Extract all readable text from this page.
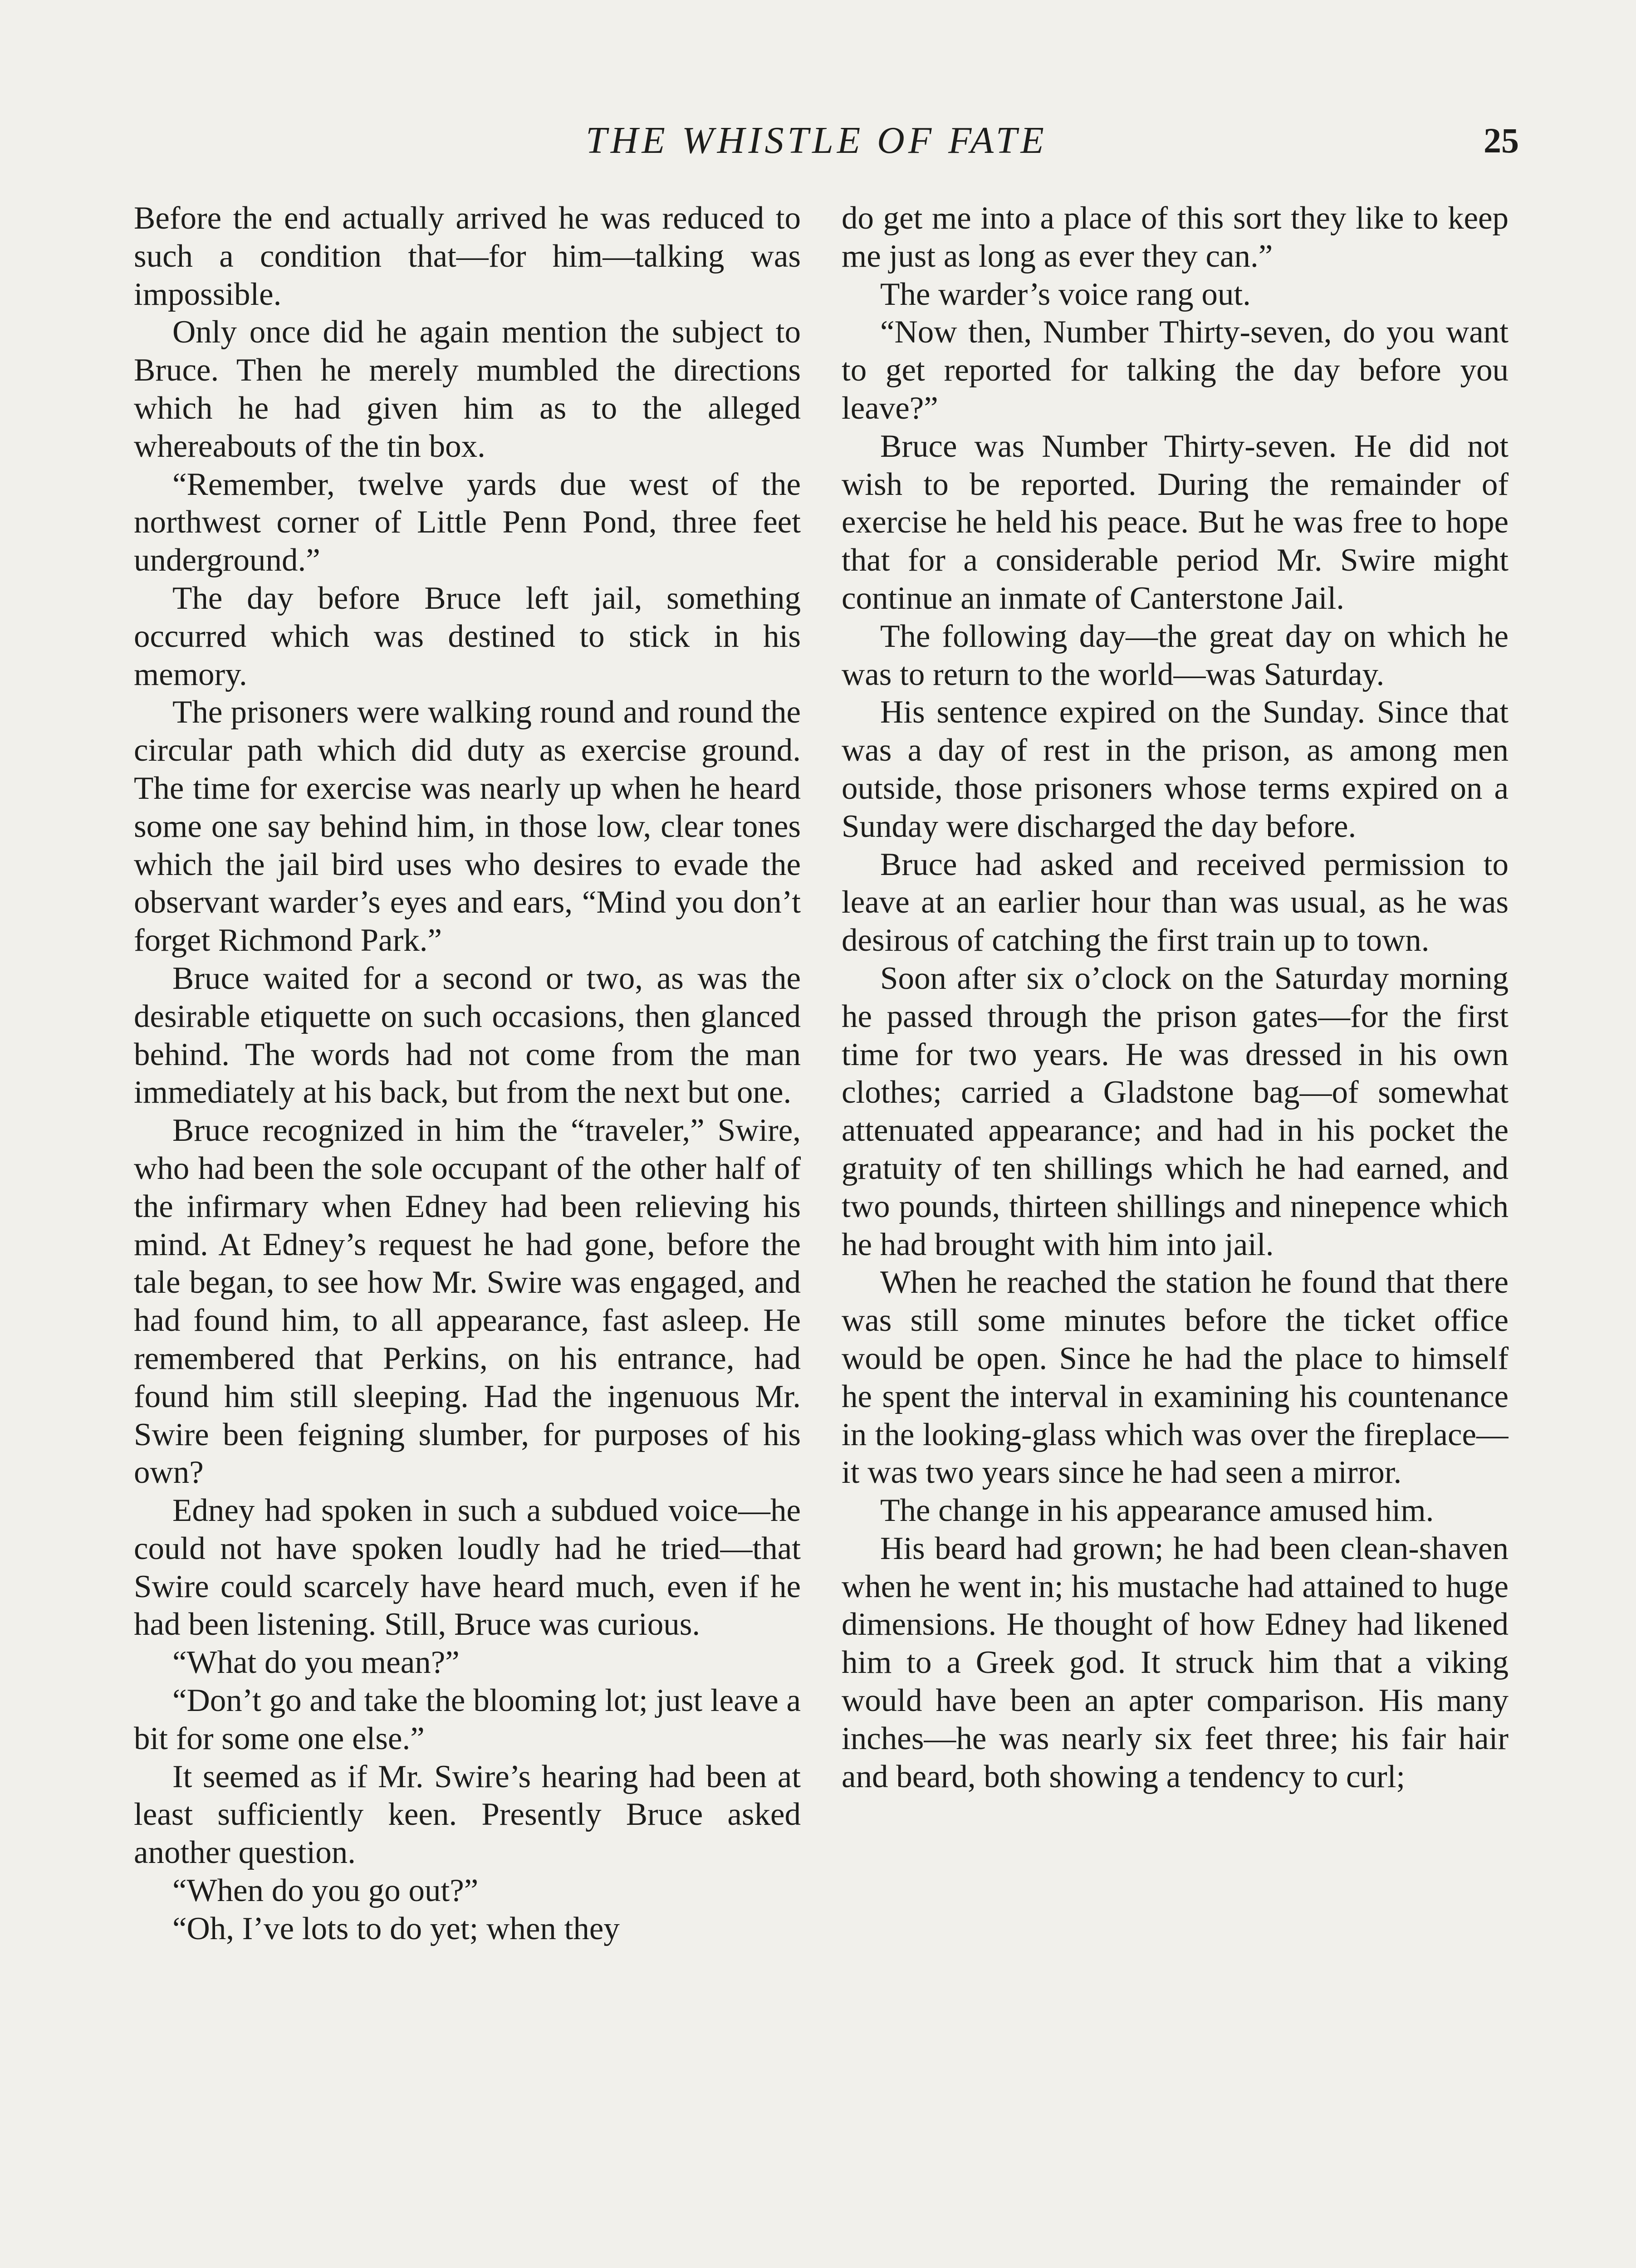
THE WHISTLE OF FATE	25

Before the end actually arrived he was reduced to such a condition that—for him—talking was impossible.

Only once did he again mention the subject to Bruce. Then he merely mumbled the directions which he had given him as to the alleged whereabouts of the tin box.

“Remember, twelve yards due west of the northwest corner of Little Penn Pond, three feet underground.”

The day before Bruce left jail, something occurred which was destined to stick in his memory.

The prisoners were walking round and round the circular path which did duty as exercise ground. The time for exercise was nearly up when he heard some one say behind him, in those low, clear tones which the jail bird uses who desires to evade the observant warder’s eyes and ears, “Mind you don’t forget Richmond Park.”

Bruce waited for a second or two, as was the desirable etiquette on such occasions, then glanced behind. The words had not come from the man immediately at his back, but from the next but one.

Bruce recognized in him the “traveler,” Swire, who had been the sole occupant of the other half of the infirmary when Edney had been relieving his mind. At Edney’s request he had gone, before the tale began, to see how Mr. Swire was engaged, and had found him, to all appearance, fast asleep. He remembered that Perkins, on his entrance, had found him still sleeping. Had the ingenuous Mr. Swire been feigning slumber, for purposes of his own?

Edney had spoken in such a subdued voice—he could not have spoken loudly had he tried—that Swire could scarcely have heard much, even if he had been listening. Still, Bruce was curious.

“What do you mean?”

“Don’t go and take the blooming lot; just leave a bit for some one else.”

It seemed as if Mr. Swire’s hearing had been at least sufficiently keen. Presently Bruce asked another question.

“When do you go out?”

“Oh, I’ve lots to do yet; when they

do get me into a place of this sort they like to keep me just as long as ever they can.”

The warder’s voice rang out.

“Now then, Number Thirty-seven, do you want to get reported for talking the day before you leave?”

Bruce was Number Thirty-seven. He did not wish to be reported. During the remainder of exercise he held his peace. But he was free to hope that for a considerable period Mr. Swire might continue an inmate of Canterstone Jail.

The following day—the great day on which he was to return to the world—was Saturday.

His sentence expired on the Sunday. Since that was a day of rest in the prison, as among men outside, those prisoners whose terms expired on a Sunday were discharged the day before.

Bruce had asked and received permission to leave at an earlier hour than was usual, as he was desirous of catching the first train up to town.

Soon after six o’clock on the Saturday morning he passed through the prison gates—for the first time for two years. He was dressed in his own clothes; carried a Gladstone bag—of somewhat attenuated appearance; and had in his pocket the gratuity of ten shillings which he had earned, and two pounds, thirteen shillings and ninepence which he had brought with him into jail.

When he reached the station he found that there was still some minutes before the ticket office would be open. Since he had the place to himself he spent the interval in examining his countenance in the looking-glass which was over the fireplace—it was two years since he had seen a mirror.

The change in his appearance amused him.

His beard had grown; he had been clean-shaven when he went in; his mustache had attained to huge dimensions. He thought of how Edney had likened him to a Greek god. It struck him that a viking would have been an apter comparison. His many inches—he was nearly six feet three; his fair hair and beard, both showing a tendency to curl;
